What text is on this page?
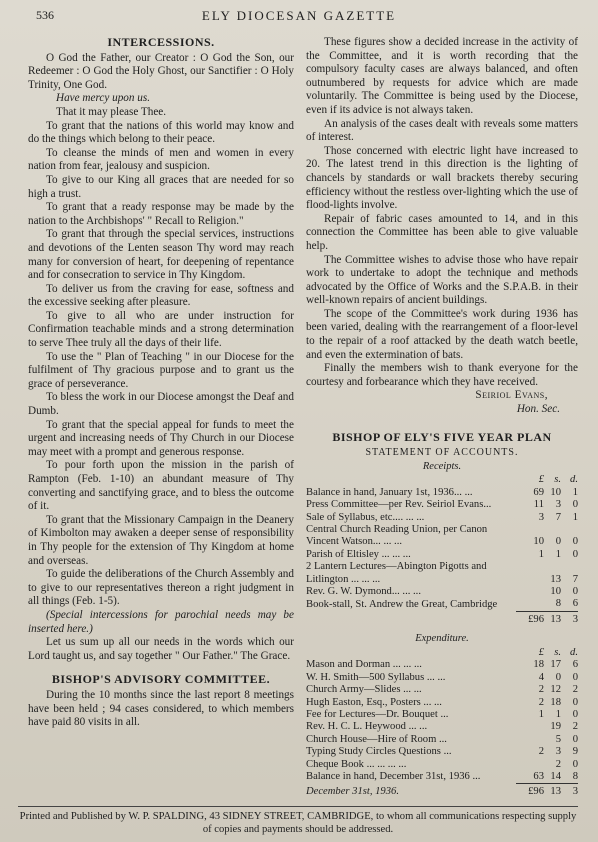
536	ELY DIOCESAN GAZETTE
INTERCESSIONS.

O God the Father, our Creator : O God the Son, our Redeemer : O God the Holy Ghost, our Sanctifier : O Holy Trinity, One God.

Have mercy upon us.

That it may please Thee.

To grant that the nations of this world may know and do the things which belong to their peace.

To cleanse the minds of men and women in every nation from fear, jealousy and suspicion.

To give to our King all graces that are needed for so high a trust.

To grant that a ready response may be made by the nation to the Archbishops' " Recall to Religion."

To grant that through the special services, instructions and devotions of the Lenten season Thy word may reach many for conversion of heart, for deepening of repentance and for consecration to service in Thy Kingdom.

To deliver us from the craving for ease, softness and the excessive seeking after pleasure.

To give to all who are under instruction for Confirmation teachable minds and a strong determination to serve Thee truly all the days of their life.

To use the " Plan of Teaching " in our Diocese for the fulfilment of Thy gracious purpose and to grant us the grace of perseverance.

To bless the work in our Diocese amongst the Deaf and Dumb.

To grant that the special appeal for funds to meet the urgent and increasing needs of Thy Church in our Diocese may meet with a prompt and generous response.

To pour forth upon the mission in the parish of Rampton (Feb. 1-10) an abundant measure of Thy converting and sanctifying grace, and to bless the outcome of it.

To grant that the Missionary Campaign in the Deanery of Kimbolton may awaken a deeper sense of responsibility in Thy people for the extension of Thy Kingdom at home and overseas.

To guide the deliberations of the Church Assembly and to give to our representatives thereon a right judgment in all things (Feb. 1-5).

(Special intercessions for parochial needs may be inserted here.)

Let us sum up all our needs in the words which our Lord taught us, and say together " Our Father." The Grace.

BISHOP'S ADVISORY COMMITTEE.

During the 10 months since the last report 8 meetings have been held ; 94 cases considered, to which members have paid 80 visits in all.

These figures show a decided increase in the activity of the Committee, and it is worth recording that the compulsory faculty cases are always balanced, and often outnumbered by requests for advice which are made voluntarily. The Committee is being used by the Diocese, even if its advice is not always taken.

An analysis of the cases dealt with reveals some matters of interest.

Those concerned with electric light have increased to 20. The latest trend in this direction is the lighting of chancels by standards or wall brackets thereby securing efficiency without the restless over-lighting which the use of flood-lights involve.

Repair of fabric cases amounted to 14, and in this connection the Committee has been able to give valuable help.

The Committee wishes to advise those who have repair work to undertake to adopt the technique and methods advocated by the Office of Works and the S.P.A.B. in their well-known repairs of ancient buildings.

The scope of the Committee's work during 1936 has been varied, dealing with the rearrangement of a floor-level to the repair of a roof attacked by the death watch beetle, and even the extermination of bats.

Finally the members wish to thank everyone for the courtesy and forbearance which they have received.

Seiriol Evans,
Hon. Sec.
BISHOP OF ELY'S FIVE YEAR PLAN
STATEMENT OF ACCOUNTS.
Receipts.
	£	s.	d.
Balance in hand, January 1st, 1936... ...	69	10	1
Press Committee—per Rev. Seiriol Evans...	11	3	0
Sale of Syllabus, etc.... ... ...	3	7	1
Central Church Reading Union, per Canon			
Vincent Watson... ... ...	10	0	0
Parish of Eltisley ... ... ...	1	1	0
2 Lantern Lectures—Abington Pigotts and			
Litlington ... ... ...		13	7
Rev. G. W. Dymond... ... ...		10	0
Book-stall, St. Andrew the Great, Cambridge		8	6
	£96	13	3
Expenditure.
	£	s.	d.
Mason and Dorman ... ... ...	18	17	6
W. H. Smith—500 Syllabus ... ...	4	0	0
Church Army—Slides ... ...	2	12	2
Hugh Easton, Esq., Posters ... ...	2	18	0
Fee for Lectures—Dr. Bouquet ...	1	1	0
Rev. H. C. L. Heywood ... ...		19	2
Church House—Hire of Room ...		5	0
Typing Study Circles Questions ...	2	3	9
Cheque Book ... ... ... ...		2	0
Balance in hand, December 31st, 1936 ...	63	14	8
December 31st, 1936.	£96	13	3
Printed and Published by W. P. SPALDING, 43 SIDNEY STREET, CAMBRIDGE, to whom all communications respecting supply of copies and payments should be addressed.
